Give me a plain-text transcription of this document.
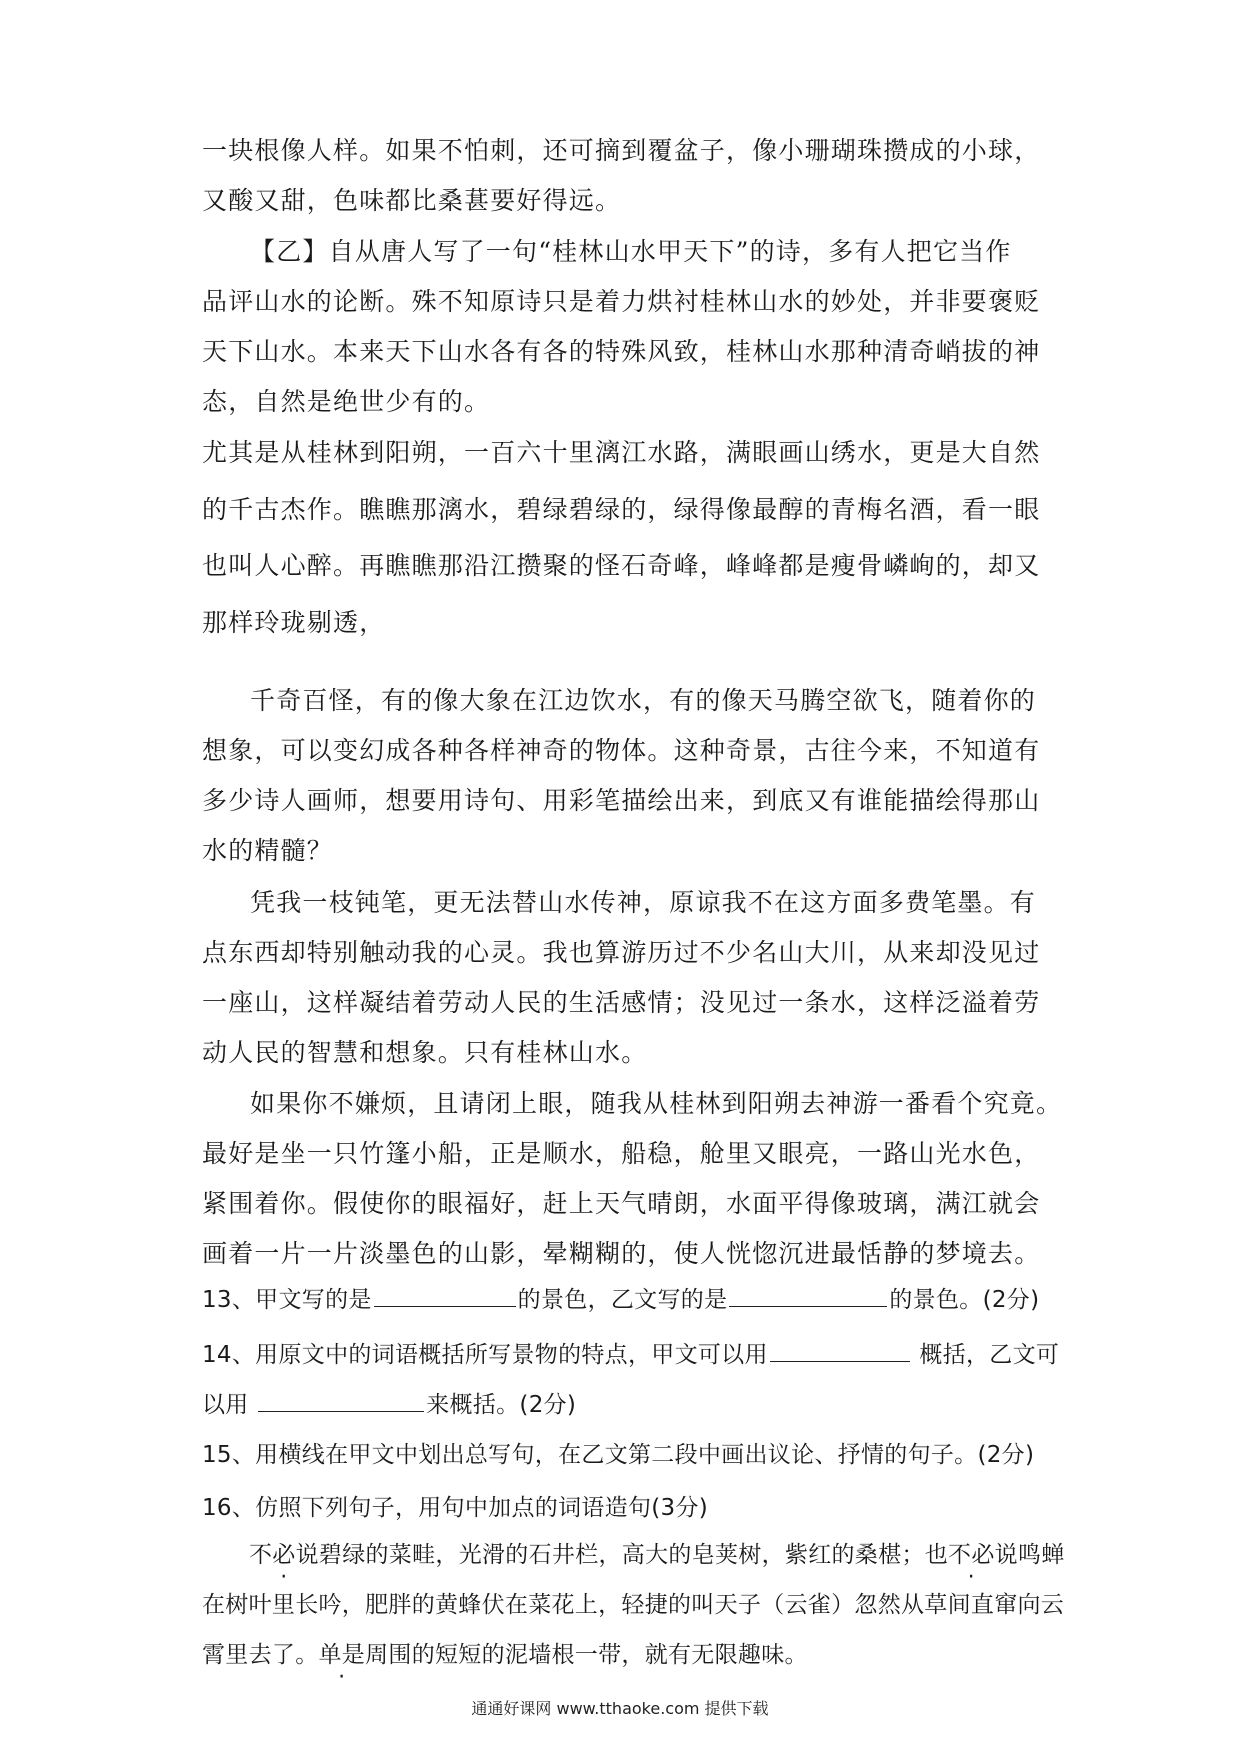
一块根像人样。如果不怕刺，还可摘到覆盆子，像小珊瑚珠攒成的小球，
又酸又甜，色味都比桑葚要好得远。
【乙】自从唐人写了一句“桂林山水甲天下”的诗，多有人把它当作
品评山水的论断。殊不知原诗只是着力烘衬桂林山水的妙处，并非要褒贬
天下山水。本来天下山水各有各的特殊风致，桂林山水那种清奇峭拔的神
态，自然是绝世少有的。
尤其是从桂林到阳朔，一百六十里漓江水路，满眼画山绣水，更是大自然
的千古杰作。瞧瞧那漓水，碧绿碧绿的，绿得像最醇的青梅名酒，看一眼
也叫人心醉。再瞧瞧那沿江攒聚的怪石奇峰，峰峰都是瘦骨嶙峋的，却又
那样玲珑剔透，
千奇百怪，有的像大象在江边饮水，有的像天马腾空欲飞，随着你的
想象，可以变幻成各种各样神奇的物体。这种奇景，古往今来，不知道有
多少诗人画师，想要用诗句、用彩笔描绘出来，到底又有谁能描绘得那山
水的精髓？
凭我一枝钝笔，更无法替山水传神，原谅我不在这方面多费笔墨。有
点东西却特别触动我的心灵。我也算游历过不少名山大川，从来却没见过
一座山，这样凝结着劳动人民的生活感情；没见过一条水，这样泛溢着劳
动人民的智慧和想象。只有桂林山水。
如果你不嫌烦，且请闭上眼，随我从桂林到阳朔去神游一番看个究竟。
最好是坐一只竹篷小船，正是顺水，船稳，舱里又眼亮，一路山光水色，
紧围着你。假使你的眼福好，赶上天气晴朗，水面平得像玻璃，满江就会
画着一片一片淡墨色的山影，晕糊糊的，使人恍惚沉进最恬静的梦境去。
13、甲文写的是	的景色，乙文写的是	的景色。(2分)
14、用原文中的词语概括所写景物的特点，甲文可以用	概括，乙文可
以用	来概括。(2分)
15、用横线在甲文中划出总写句，在乙文第二段中画出议论、抒情的句子。(2分)
16、仿照下列句子，用句中加点的词语造句(3分)
不必说碧绿的菜畦，光滑的石井栏，高大的皂荚树，紫红的桑椹；也不必说鸣蝉
在树叶里长吟，肥胖的黄蜂伏在菜花上，轻捷的叫天子（云雀）忽然从草间直窜向云
霄里去了。单是周围的短短的泥墙根一带，就有无限趣味。
通通好课网 www.tthaoke.com 提供下载
